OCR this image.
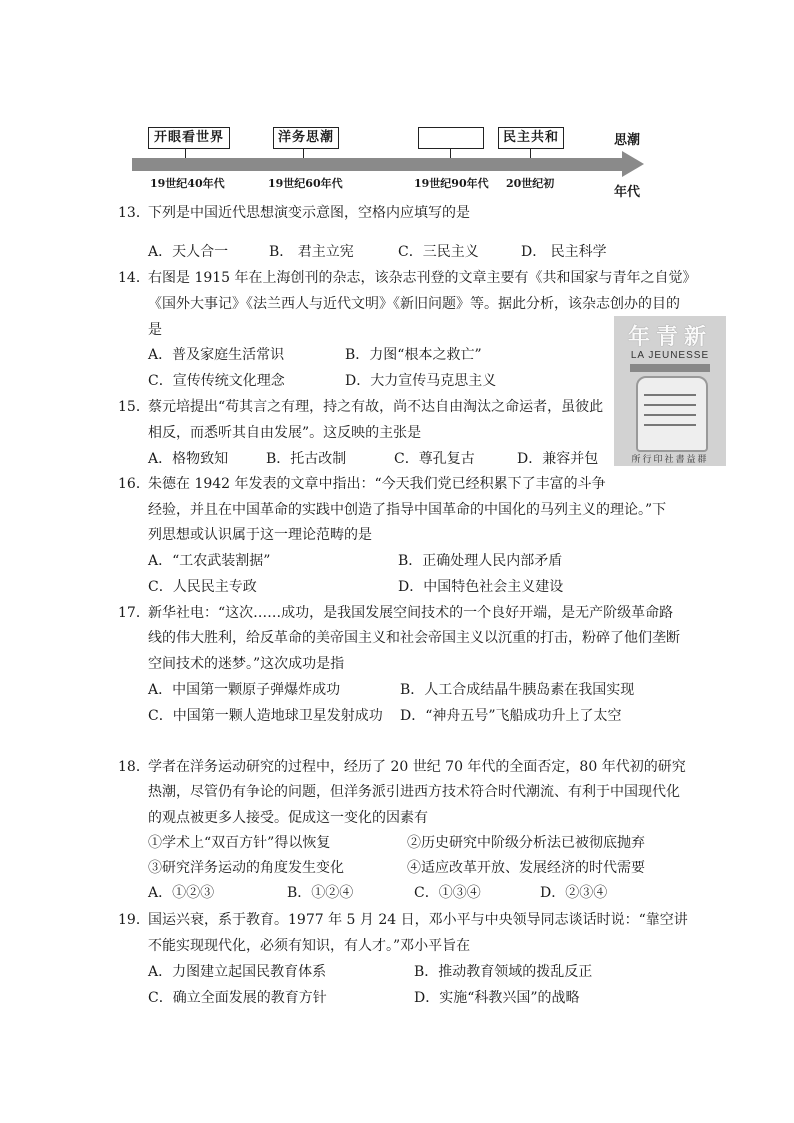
开眼看世界	洋务思潮	民主共和
19世纪40年代	19世纪60年代	19世纪90年代 20世纪初
思潮
年代
年青新
LA JEUNESSE
所行印社書益群
13．
下列是中国近代思想演变示意图，空格内应填写的是
A．天人合一	B． 君主立宪	C．三民主义	D． 民主科学
14．
右图是 1915 年在上海创刊的杂志，该杂志刊登的文章主要有《共和国家与青年之自觉》
《国外大事记》《法兰西人与近代文明》《新旧问题》等。据此分析，该杂志创办的目的
是
A．普及家庭生活常识	B．力图“根本之救亡”
C．宣传传统文化理念	D．大力宣传马克思主义
15．
蔡元培提出“苟其言之有理，持之有故，尚不达自由淘汰之命运者，虽彼此
相反，而悉听其自由发展”。这反映的主张是
A．格物致知	B．托古改制	C．尊孔复古	D．兼容并包
16．
朱德在 1942 年发表的文章中指出：“今天我们党已经积累下了丰富的斗争
经验，并且在中国革命的实践中创造了指导中国革命的中国化的马列主义的理论。”下
列思想或认识属于这一理论范畴的是
A．“工农武装割据”	B．正确处理人民内部矛盾
C．人民民主专政	D．中国特色社会主义建设
17．
新华社电：“这次……成功，是我国发展空间技术的一个良好开端，是无产阶级革命路
线的伟大胜利，给反革命的美帝国主义和社会帝国主义以沉重的打击，粉碎了他们垄断
空间技术的迷梦。”这次成功是指
A．中国第一颗原子弹爆炸成功	B．人工合成结晶牛胰岛素在我国实现
C．中国第一颗人造地球卫星发射成功 D．“神舟五号”飞船成功升上了太空
18．
学者在洋务运动研究的过程中，经历了 20 世纪 70 年代的全面否定，80 年代初的研究
热潮，尽管仍有争论的问题，但洋务派引进西方技术符合时代潮流、有利于中国现代化
的观点被更多人接受。促成这一变化的因素有
①学术上“双百方针”得以恢复	②历史研究中阶级分析法已被彻底抛弃
③研究洋务运动的角度发生变化	④适应改革开放、发展经济的时代需要
A．①②③	B．①②④	C．①③④	D．②③④
19．
国运兴衰，系于教育。1977 年 5 月 24 日，邓小平与中央领导同志谈话时说：“靠空讲
不能实现现代化，必须有知识，有人才。”邓小平旨在
A．力图建立起国民教育体系	B．推动教育领域的拨乱反正
C．确立全面发展的教育方针	D．实施“科教兴国”的战略
